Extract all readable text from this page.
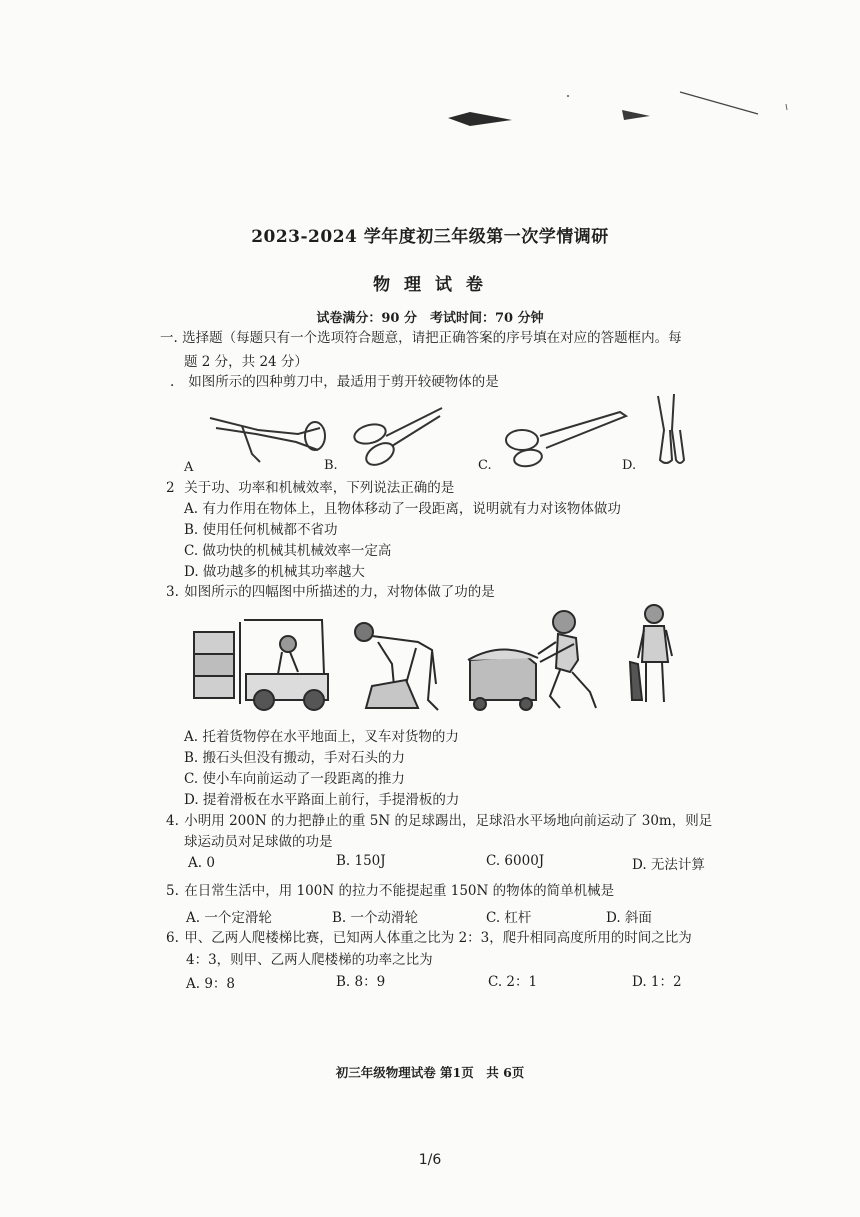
2023-2024 学年度初三年级第一次学情调研
物 理 试 卷
试卷满分：90 分　考试时间：70 分钟
一. 选择题（每题只有一个选项符合题意，请把正确答案的序号填在对应的答题框内。每
题 2 分，共 24 分）
. 如图所示的四种剪刀中，最适用于剪开较硬物体的是
A	B.	C.	D.
2 关于功、功率和机械效率，下列说法正确的是
A. 有力作用在物体上，且物体移动了一段距离，说明就有力对该物体做功
B. 使用任何机械都不省功
C. 做功快的机械其机械效率一定高
D. 做功越多的机械其功率越大
3. 如图所示的四幅图中所描述的力，对物体做了功的是
A. 托着货物停在水平地面上，叉车对货物的力
B. 搬石头但没有搬动，手对石头的力
C. 使小车向前运动了一段距离的推力
D. 提着滑板在水平路面上前行，手提滑板的力
4. 小明用 200N 的力把静止的重 5N 的足球踢出，足球沿水平场地向前运动了 30m，则足
球运动员对足球做的功是
A. 0	B. 150J	C. 6000J	D. 无法计算
5. 在日常生活中，用 100N 的拉力不能提起重 150N 的物体的简单机械是
A. 一个定滑轮	B. 一个动滑轮	C. 杠杆	D. 斜面
6. 甲、乙两人爬楼梯比赛，已知两人体重之比为 2：3，爬升相同高度所用的时间之比为
4：3，则甲、乙两人爬楼梯的功率之比为
A. 9：8	B. 8：9	C. 2：1	D. 1：2
初三年级物理试卷 第1页　共 6页
1/6
